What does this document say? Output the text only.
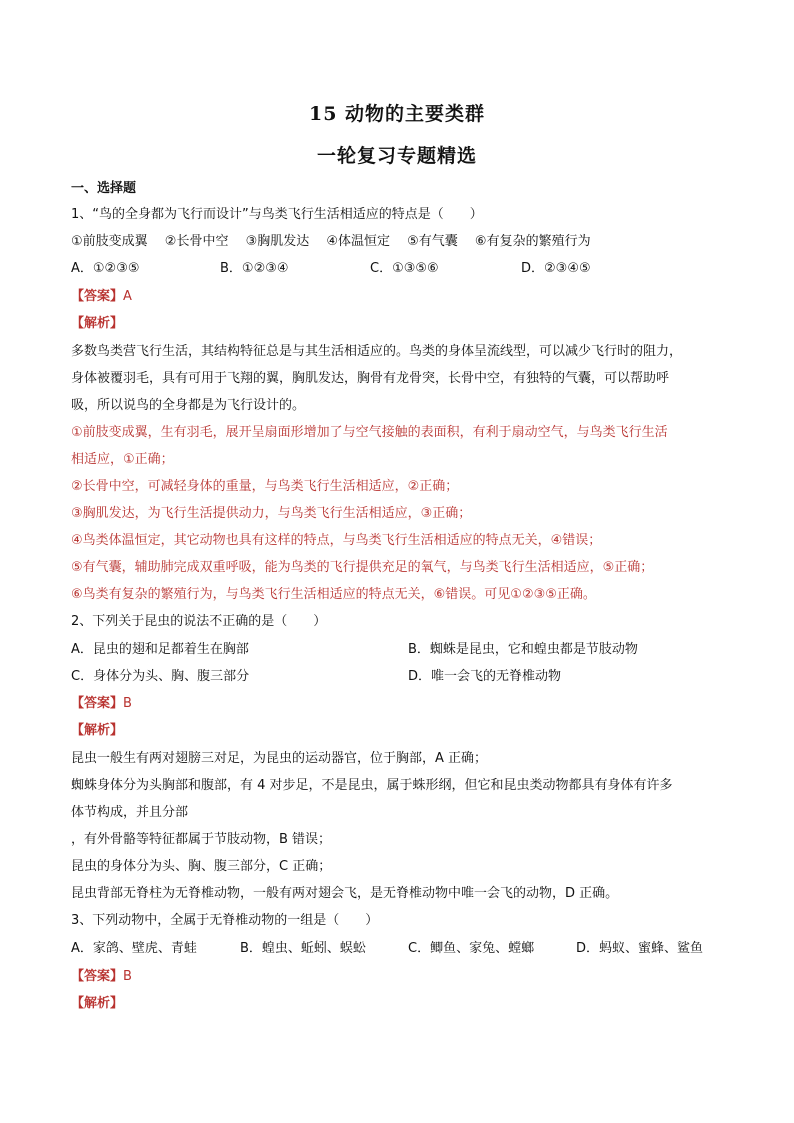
15 动物的主要类群
一轮复习专题精选
一、选择题
1、“鸟的全身都为飞行而设计”与鸟类飞行生活相适应的特点是（　　）
①前肢变成翼　 ②长骨中空　 ③胸肌发达　 ④体温恒定　 ⑤有气囊　 ⑥有复杂的繁殖行为
A．①②③⑤	B．①②③④	C．①③⑤⑥	D．②③④⑤
【答案】A
【解析】
多数鸟类营飞行生活，其结构特征总是与其生活相适应的。鸟类的身体呈流线型，可以减少飞行时的阻力，
身体被覆羽毛，具有可用于飞翔的翼，胸肌发达，胸骨有龙骨突，长骨中空，有独特的气囊，可以帮助呼
吸，所以说鸟的全身都是为飞行设计的。
①前肢变成翼，生有羽毛，展开呈扇面形增加了与空气接触的表面积，有利于扇动空气，与鸟类飞行生活
相适应，①正确；
②长骨中空，可减轻身体的重量，与鸟类飞行生活相适应，②正确；
③胸肌发达，为飞行生活提供动力，与鸟类飞行生活相适应，③正确；
④鸟类体温恒定，其它动物也具有这样的特点，与鸟类飞行生活相适应的特点无关，④错误；
⑤有气囊，辅助肺完成双重呼吸，能为鸟类的飞行提供充足的氧气，与鸟类飞行生活相适应，⑤正确；
⑥鸟类有复杂的繁殖行为，与鸟类飞行生活相适应的特点无关，⑥错误。可见①②③⑤正确。
2、下列关于昆虫的说法不正确的是（　　）
A．昆虫的翅和足都着生在胸部	B．蜘蛛是昆虫，它和蝗虫都是节肢动物
C．身体分为头、胸、腹三部分	D．唯一会飞的无脊椎动物
【答案】B
【解析】
昆虫一般生有两对翅膀三对足，为昆虫的运动器官，位于胸部，A 正确；
蜘蛛身体分为头胸部和腹部，有 4 对步足，不是昆虫，属于蛛形纲，但它和昆虫类动物都具有身体有许多
体节构成，并且分部
，有外骨骼等特征都属于节肢动物，B 错误；
昆虫的身体分为头、胸、腹三部分，C 正确；
昆虫背部无脊柱为无脊椎动物，一般有两对翅会飞，是无脊椎动物中唯一会飞的动物，D 正确。
3、下列动物中，全属于无脊椎动物的一组是（　　）
A．家鸽、壁虎、青蛙	B．蝗虫、蚯蚓、蜈蚣	C．鲫鱼、家兔、螳螂	D．蚂蚁、蜜蜂、鲨鱼
【答案】B
【解析】
